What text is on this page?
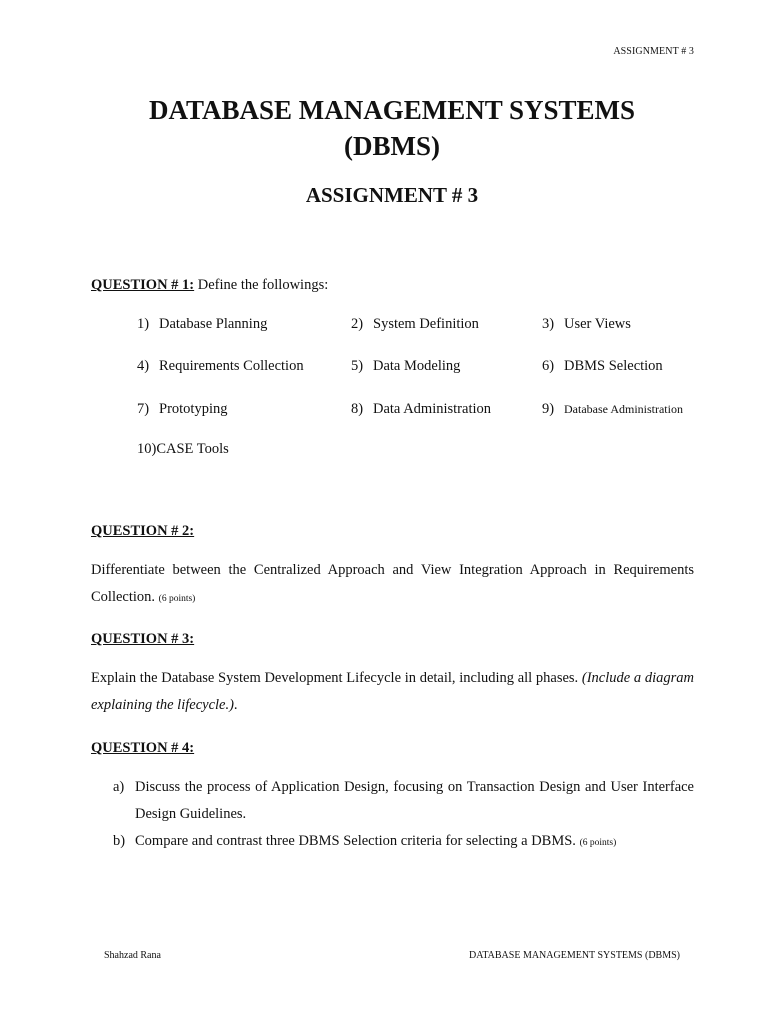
ASSIGNMENT # 3
DATABASE MANAGEMENT SYSTEMS
(DBMS)
ASSIGNMENT # 3
QUESTION # 1: Define the followings:
1) Database Planning	2) System Definition	3) User Views
4) Requirements Collection	5) Data Modeling	6) DBMS Selection
7) Prototyping	8) Data Administration	9) Database Administration
10)CASE Tools
QUESTION # 2:

Differentiate between the Centralized Approach and View Integration Approach in Requirements Collection. (6 points)

QUESTION # 3:

Explain the Database System Development Lifecycle in detail, including all phases. (Include a diagram explaining the lifecycle.).

QUESTION # 4:
a) Discuss the process of Application Design, focusing on Transaction Design and User Interface Design Guidelines.
b) Compare and contrast three DBMS Selection criteria for selecting a DBMS. (6 points)
Shahzad Rana	DATABASE MANAGEMENT SYSTEMS (DBMS)
